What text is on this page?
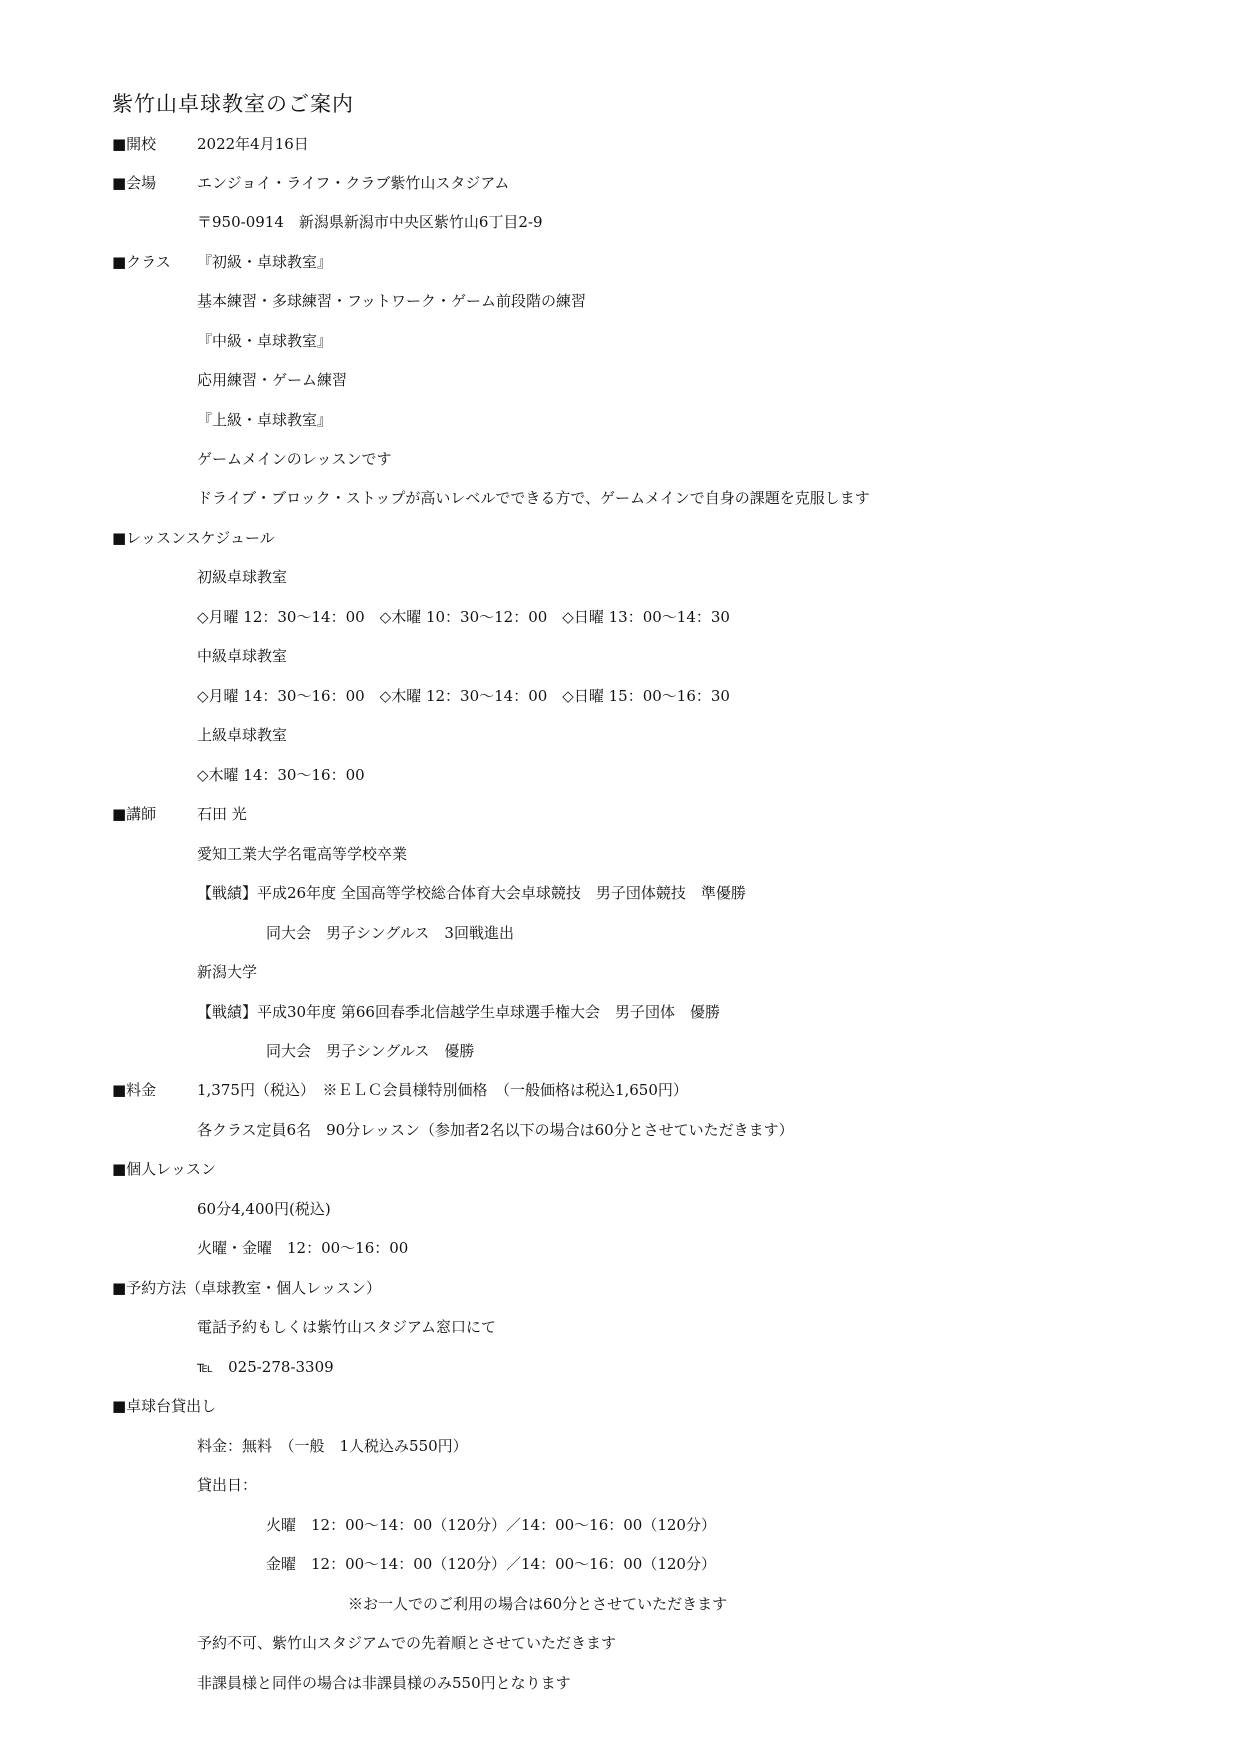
紫竹山卓球教室のご案内
■開校	2022年4月16日
■会場	エンジョイ・ライフ・クラブ紫竹山スタジアム
〒950-0914　新潟県新潟市中央区紫竹山6丁目2-9
■クラス 『初級・卓球教室』
基本練習・多球練習・フットワーク・ゲーム前段階の練習
『中級・卓球教室』
応用練習・ゲーム練習
『上級・卓球教室』
ゲームメインのレッスンです
ドライブ・ブロック・ストップが高いレベルでできる方で、ゲームメインで自身の課題を克服します
■レッスンスケジュール
初級卓球教室
◇月曜 12：30～14：00　◇木曜 10：30～12：00　◇日曜 13：00～14：30
中級卓球教室
◇月曜 14：30～16：00　◇木曜 12：30～14：00　◇日曜 15：00～16：30
上級卓球教室
◇木曜 14：30～16：00
■講師	石田 光
愛知工業大学名電高等学校卒業
【戦績】平成26年度 全国高等学校総合体育大会卓球競技　男子団体競技　準優勝
同大会　男子シングルス　3回戦進出
新潟大学
【戦績】平成30年度 第66回春季北信越学生卓球選手権大会　男子団体　優勝
同大会　男子シングルス　優勝
■料金	1,375円（税込）　※ＥＬＣ会員様特別価格　（一般価格は税込1,650円）
各クラス定員6名　90分レッスン（参加者2名以下の場合は60分とさせていただきます）
■個人レッスン
60分4,400円(税込)
火曜・金曜　12：00～16：00
■予約方法（卓球教室・個人レッスン）
電話予約もしくは紫竹山スタジアム窓口にて
℡　025-278-3309
■卓球台貸出し
料金：無料　（一般　1人税込み550円）
貸出日：
火曜　12：00～14：00（120分）／14：00～16：00（120分）
金曜　12：00～14：00（120分）／14：00～16：00（120分）
※お一人でのご利用の場合は60分とさせていただきます
予約不可、紫竹山スタジアムでの先着順とさせていただきます
非課員様と同伴の場合は非課員様のみ550円となります
